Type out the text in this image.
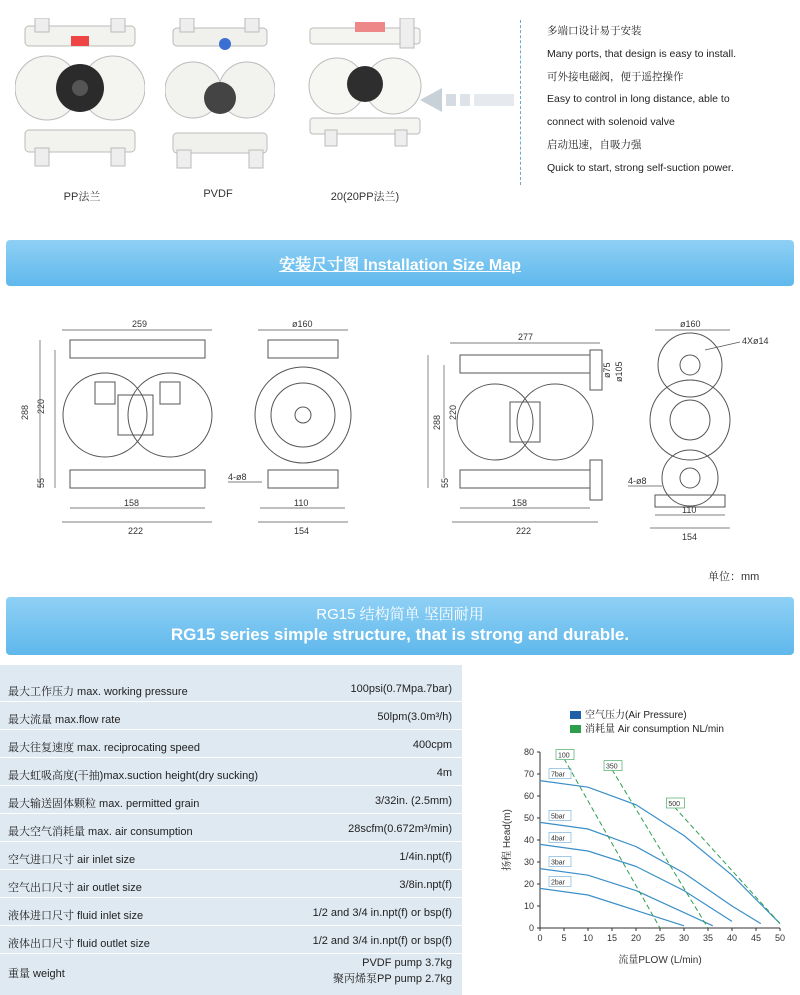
PP法兰	PVDF	20(20PP法兰)
多端口设计易于安装
Many ports, that design is easy to install.
可外接电磁阀，便于遥控操作
Easy to control in long distance, able to
connect with solenoid valve
启动迅速，自吸力强
Quick to start, strong self-suction power.
安装尺寸图 Installation Size Map
259
158
222
288 220
55
ø160
4-ø8
110
154
277
158
222
288
220
55
ø75 ø105
ø160
4Xø14
4-ø8
110
154
单位：mm
RG15 结构简单 坚固耐用
RG15 series simple structure, that is strong and durable.
最大工作压力 max. working pressure	100psi(0.7Mpa.7bar)
最大流量 max.flow rate	50lpm(3.0m³/h)
最大往复速度 max. reciprocating speed	400cpm
最大虹吸高度(干抽)max.suction height(dry sucking)	4m
最大输送固体颗粒 max. permitted grain	3/32in. (2.5mm)
最大空气消耗量 max. air consumption	28scfm(0.672m³/min)
空气进口尺寸 air inlet size	1/4in.npt(f)
空气出口尺寸 air outlet size	3/8in.npt(f)
液体进口尺寸 fluid inlet size	1/2 and 3/4 in.npt(f) or bsp(f)
液体出口尺寸 fluid outlet size	1/2 and 3/4 in.npt(f) or bsp(f)
重量 weight
PVDF pump 3.7kg
聚丙烯泵PP pump 2.7kg
空气压力(Air Pressure)
消耗量 Air consumption NL/min
0 5 10 15 20 25 30 35 40 45 50
0
10
20
30
40
50
60
70
80
流量PLOW (L/min)
扬程 Head(m)
7bar
5bar
4bar
3bar
2bar
100
350
500
